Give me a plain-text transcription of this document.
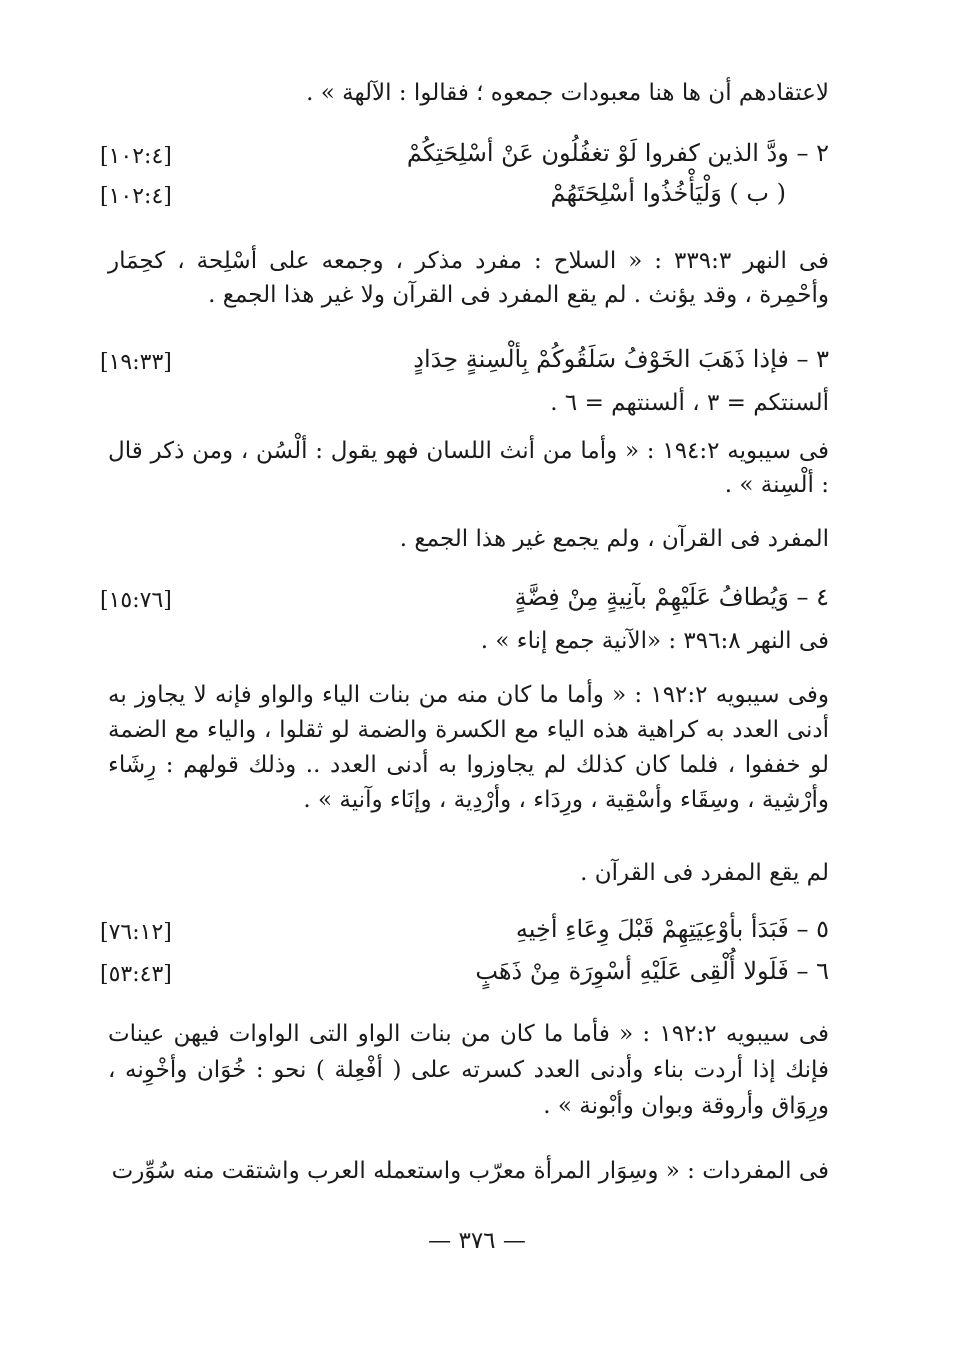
لاعتقادهم أن ها هنا معبودات جمعوه ؛ فقالوا : الآلهة » .
٢ – ودَّ الذين كفروا لَوْ تغفُلُون عَنْ أسْلِحَتِكُمْ
[١٠٢:٤]
( ب ) وَلْيَأْخُذُوا أسْلِحَتَهُمْ
[١٠٢:٤]
فى النهر ٣٣٩:٣ : « السلاح : مفرد مذكر ، وجمعه على أسْلِحة ، كحِمَار وأحْمِرة ، وقد يؤنث . لم يقع المفرد فى القرآن ولا غير هذا الجمع .
٣ – فإذا ذَهَبَ الخَوْفُ سَلَقُوكُمْ بِألْسِنةٍ حِدَادٍ
[١٩:٣٣]
ألسنتكم = ٣ ، ألسنتهم = ٦ .
فى سيبويه ١٩٤:٢ : « وأما من أنث اللسان فهو يقول : ألْسُن ، ومن ذكر قال : ألْسِنة » .
المفرد فى القرآن ، ولم يجمع غير هذا الجمع .
٤ – وَيُطافُ عَلَيْهِمْ بآنِيةٍ مِنْ فِضَّةٍ
[١٥:٧٦]
فى النهر ٣٩٦:٨ : «الآنية جمع إناء » .
وفى سيبويه ١٩٢:٢ : « وأما ما كان منه من بنات الياء والواو فإنه لا يجاوز به أدنى العدد به كراهية هذه الياء مع الكسرة والضمة لو ثقلوا ، والياء مع الضمة لو خففوا ، فلما كان كذلك لم يجاوزوا به أدنى العدد .. وذلك قولهم : رِشَاء وأرْشِية ، وسِقَاء وأسْقِية ، ورِدَاء ، وأرْدِية ، وإنَاء وآنية » .
لم يقع المفرد فى القرآن .
٥ – فَبَدَأ بأوْعِيَتِهِمْ قَبْلَ وِعَاءِ أخِيهِ
[٧٦:١٢]
٦ – فَلَولا أُلْقِى عَلَيْهِ أسْوِرَة مِنْ ذَهَبٍ
[٥٣:٤٣]
فى سيبويه ١٩٢:٢ : « فأما ما كان من بنات الواو التى الواوات فيهن عينات فإنك إذا أردت بناء وأدنى العدد كسرته على ( أفْعِلة ) نحو : خُوَان وأخْوِنه ، ورِوَاق وأروقة وبوان وأبْونة » .
فى المفردات : « وسِوَار المرأة معرّب واستعمله العرب واشتقت منه سُوِّرت
— ٣٧٦ —
